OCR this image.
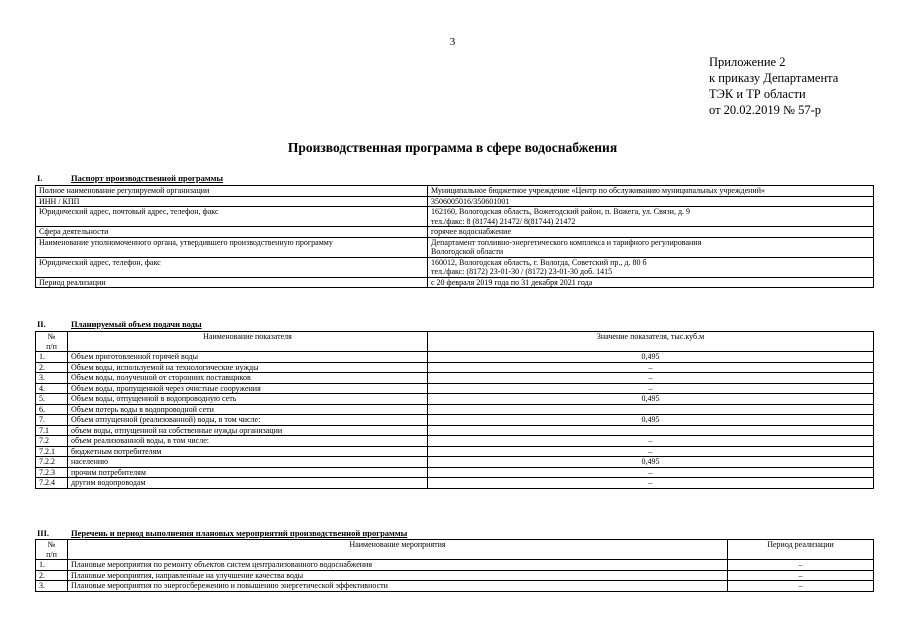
3
Приложение 2
к приказу Департамента
ТЭК и ТР области
от 20.02.2019 № 57-р
Производственная программа в сфере водоснабжения
I.	Паспорт производственной программы
Полное наименование регулируемой организации	Муниципальное бюджетное учреждение «Центр по обслуживанию муниципальных учреждений»

ИНН / КПП	3506005016/350601001

Юридический адрес, почтовый адрес, телефон, факс	162160, Вологодская область, Вожегодский район, п. Вожега, ул. Связи, д. 9
тел./факс: 8 (81744) 21472/ 8(81744) 21472

Сфера деятельности	горячее водоснабжение

Наименование уполномоченного органа, утвердившего производственную программу	Департамент топливно-энергетического комплекса и тарифного регулирования
Вологодской области

Юридический адрес, телефон, факс	160012, Вологодская область, г. Вологда, Советский пр., д. 80 б
тел./факс: (8172) 23-01-30 / (8172) 23-01-30 доб. 1415

Период реализации	с 20 февраля 2019 года по 31 декабря 2021 года
II.	Планируемый объем подачи воды
№
п/п	Наименование показателя	Значение показателя, тыс.куб.м
1.	Объем приготовленной горячей воды	0,495
2.	Объем воды, используемой на технологические нужды	–
3.	Объем воды, полученной от сторонних поставщиков	–
4.	Объем воды, пропущенной через очистные сооружения	–
5.	Объем воды, отпущенной в водопроводную сеть	0,495
6.	Объем потерь воды в водопроводной сети	
7.	Объем отпущенной (реализованной) воды, в том числе:	0,495
7.1	объем воды, отпущенной на собственные нужды организации	
7.2	объем реализованной воды, в том числе:	–
7.2.1	бюджетным потребителям	–
7.2.2	населению	0,495
7.2.3	прочим потребителям	–
7.2.4	другим водопроводам	–
III.	Перечень и период выполнения плановых мероприятий производственной программы
№
п/п	Наименование мероприятия	Период реализации
1.	Плановые мероприятия по ремонту объектов систем централизованного водоснабжения	–
2.	Плановые мероприятия, направленные на улучшение качества воды	–
3.	Плановые мероприятия по энергосбережению и повышению энергетической эффективности	–
